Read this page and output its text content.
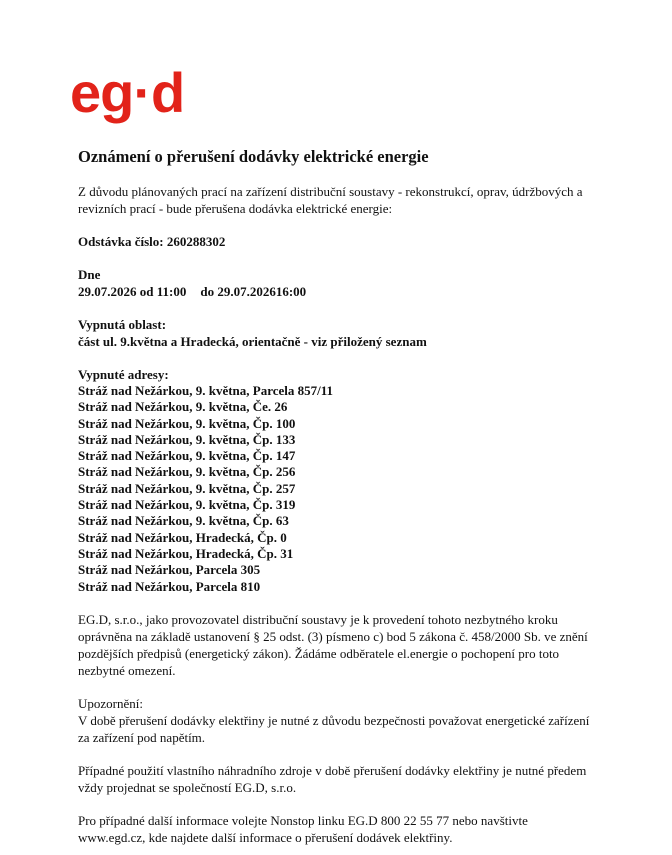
eg·d
Oznámení o přerušení dodávky elektrické energie

Z důvodu plánovaných prací na zařízení distribuční soustavy - rekonstrukcí, oprav, údržbových a revizních prací - bude přerušena dodávka elektrické energie:

Odstávka číslo: 260288302

Dne

29.07.2026 od 11:00 do 29.07.202616:00

Vypnutá oblast:

část ul. 9.května a Hradecká, orientačně - viz přiložený seznam

Vypnuté adresy:

Stráž nad Nežárkou, 9. května, Parcela 857/11
Stráž nad Nežárkou, 9. května, Če. 26
Stráž nad Nežárkou, 9. května, Čp. 100
Stráž nad Nežárkou, 9. května, Čp. 133
Stráž nad Nežárkou, 9. května, Čp. 147
Stráž nad Nežárkou, 9. května, Čp. 256
Stráž nad Nežárkou, 9. května, Čp. 257
Stráž nad Nežárkou, 9. května, Čp. 319
Stráž nad Nežárkou, 9. května, Čp. 63
Stráž nad Nežárkou, Hradecká, Čp. 0
Stráž nad Nežárkou, Hradecká, Čp. 31
Stráž nad Nežárkou, Parcela 305
Stráž nad Nežárkou, Parcela 810

EG.D, s.r.o., jako provozovatel distribuční soustavy je k provedení tohoto nezbytného kroku oprávněna na základě ustanovení § 25 odst. (3) písmeno c) bod 5 zákona č. 458/2000 Sb. ve znění pozdějších předpisů (energetický zákon). Žádáme odběratele el.energie o pochopení pro toto nezbytné omezení.

Upozornění:

V době přerušení dodávky elektřiny je nutné z důvodu bezpečnosti považovat energetické zařízení za zařízení pod napětím.

Případné použití vlastního náhradního zdroje v době přerušení dodávky elektřiny je nutné předem vždy projednat se společností EG.D, s.r.o.

Pro případné další informace volejte Nonstop linku EG.D 800 22 55 77 nebo navštivte www.egd.cz, kde najdete další informace o přerušení dodávek elektřiny.
